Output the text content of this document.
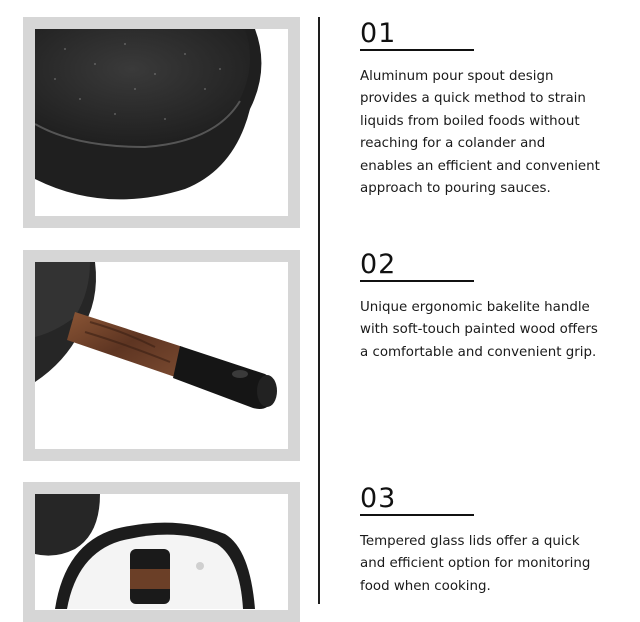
01
Aluminum pour spout design provides a quick method to strain liquids from boiled foods without reaching for a colander and enables an efficient and convenient approach to pouring sauces.
02
Unique ergonomic bakelite handle with soft-touch painted wood offers a comfortable and convenient grip.
03
Tempered glass lids offer a quick and efficient option for monitoring food when cooking.
